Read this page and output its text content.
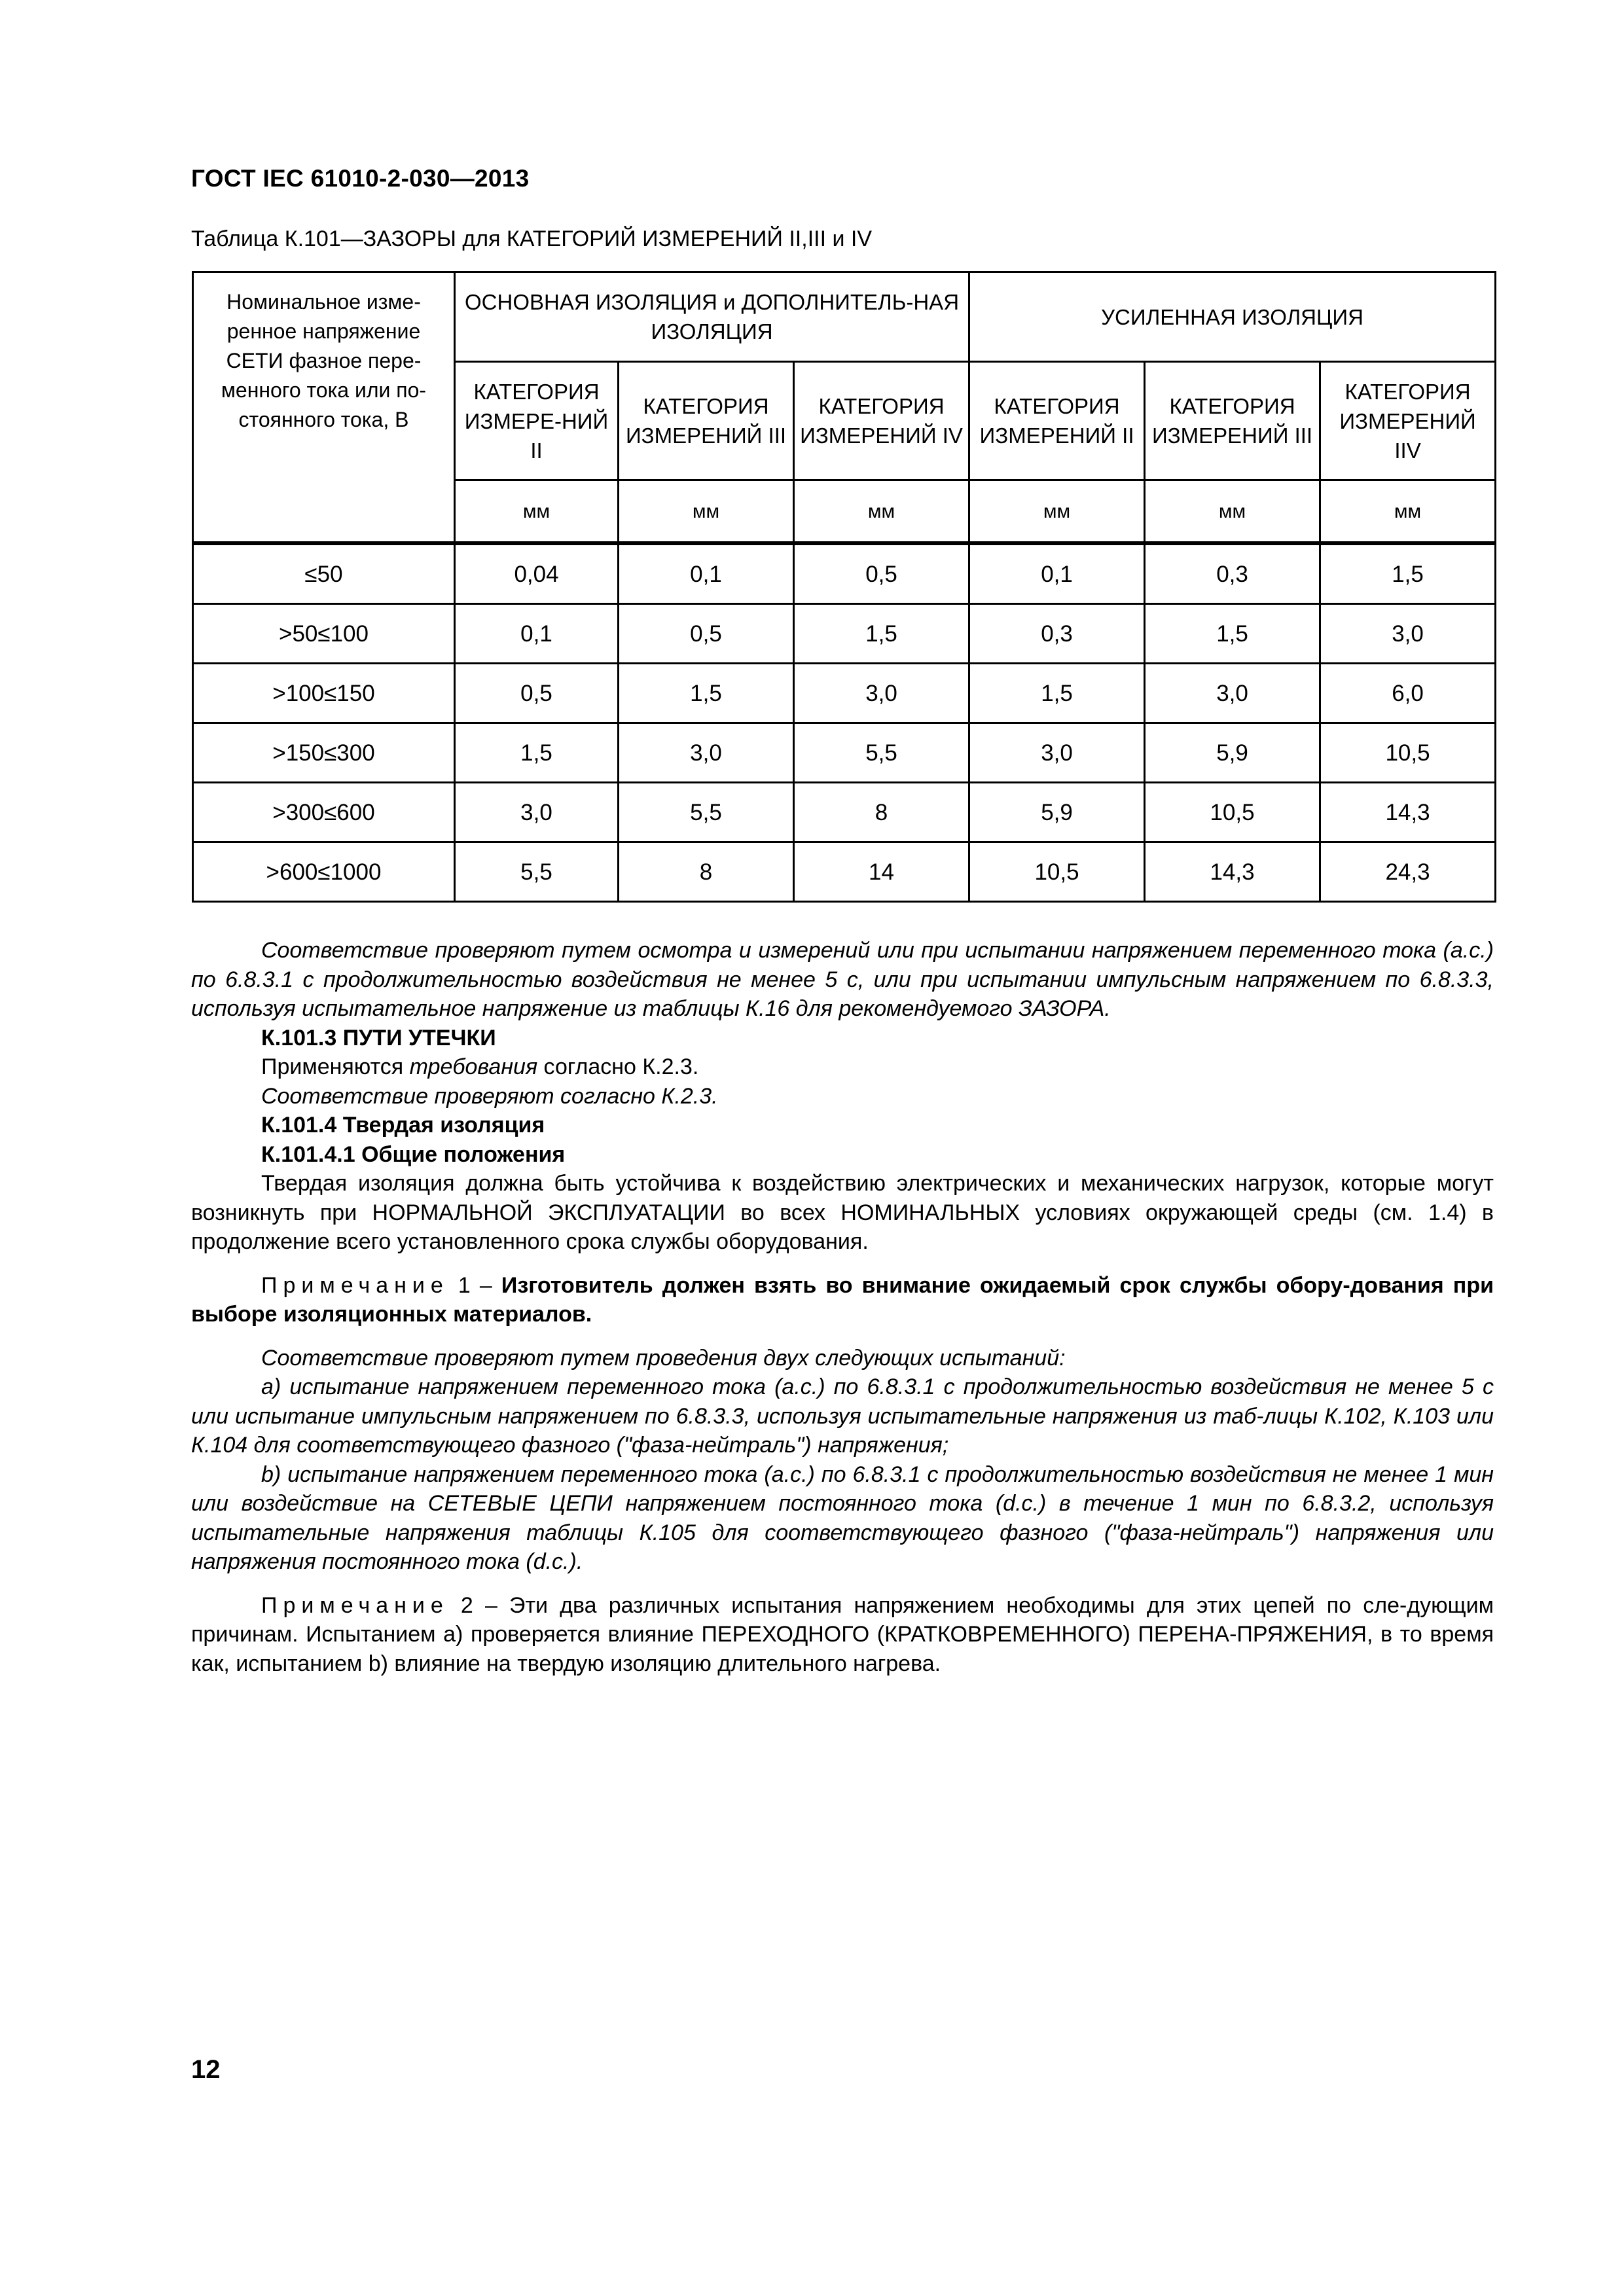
ГОСТ IEC 61010-2-030—2013
Таблица К.101—ЗАЗОРЫ для КАТЕГОРИЙ ИЗМЕРЕНИЙ II,III и IV
Номинальное изме-ренное напряжение СЕТИ фазное пере-менного тока или по-стоянного тока, В	ОСНОВНАЯ ИЗОЛЯЦИЯ и ДОПОЛНИТЕЛЬ-НАЯ ИЗОЛЯЦИЯ			УСИЛЕННАЯ ИЗОЛЯЦИЯ		
	КАТЕГОРИЯ ИЗМЕРЕ-НИЙ II	КАТЕГОРИЯ ИЗМЕРЕНИЙ III	КАТЕГОРИЯ ИЗМЕРЕНИЙ IV	КАТЕГОРИЯ ИЗМЕРЕНИЙ II	КАТЕГОРИЯ ИЗМЕРЕНИЙ III	КАТЕГОРИЯ ИЗМЕРЕНИЙ IIV
	мм	мм	мм	мм	мм	мм
≤50	0,04	0,1	0,5	0,1	0,3	1,5
>50≤100	0,1	0,5	1,5	0,3	1,5	3,0
>100≤150	0,5	1,5	3,0	1,5	3,0	6,0
>150≤300	1,5	3,0	5,5	3,0	5,9	10,5
>300≤600	3,0	5,5	8	5,9	10,5	14,3
>600≤1000	5,5	8	14	10,5	14,3	24,3

Соответствие проверяют путем осмотра и измерений или при испытании напряжением переменного тока (а.с.) по 6.8.3.1 с продолжительностью воздействия не менее 5 с, или при испытании импульсным напряжением по 6.8.3.3, используя испытательное напряжение из таблицы К.16 для рекомендуемого ЗАЗОРА.

К.101.3 ПУТИ УТЕЧКИ

Применяются требования согласно К.2.3.

Соответствие проверяют согласно К.2.3.

К.101.4 Твердая изоляция

К.101.4.1 Общие положения

Твердая изоляция должна быть устойчива к воздействию электрических и механических нагрузок, которые могут возникнуть при НОРМАЛЬНОЙ ЭКСПЛУАТАЦИИ во всех НОМИНАЛЬНЫХ условиях окружающей среды (см. 1.4) в продолжение всего установленного срока службы оборудования.

Примечание 1 – Изготовитель должен взять во внимание ожидаемый срок службы обору-дования при выборе изоляционных материалов.

Соответствие проверяют путем проведения двух следующих испытаний:

а) испытание напряжением переменного тока (а.с.) по 6.8.3.1 с продолжительностью воздействия не менее 5 с или испытание импульсным напряжением по 6.8.3.3, используя испытательные напряжения из таб-лицы К.102, К.103 или К.104 для соответствующего фазного ("фаза-нейтраль") напряжения;

b) испытание напряжением переменного тока (а.с.) по 6.8.3.1 с продолжительностью воздействия не менее 1 мин или воздействие на СЕТЕВЫЕ ЦЕПИ напряжением постоянного тока (d.c.) в течение 1 мин по 6.8.3.2, используя испытательные напряжения таблицы К.105 для соответствующего фазного ("фаза-нейтраль") напряжения или напряжения постоянного тока (d.c.).

Примечание 2 – Эти два различных испытания напряжением необходимы для этих цепей по сле-дующим причинам. Испытанием а) проверяется влияние ПЕРЕХОДНОГО (КРАТКОВРЕМЕННОГО) ПЕРЕНА-ПРЯЖЕНИЯ, в то время как, испытанием b) влияние на твердую изоляцию длительного нагрева.

12
